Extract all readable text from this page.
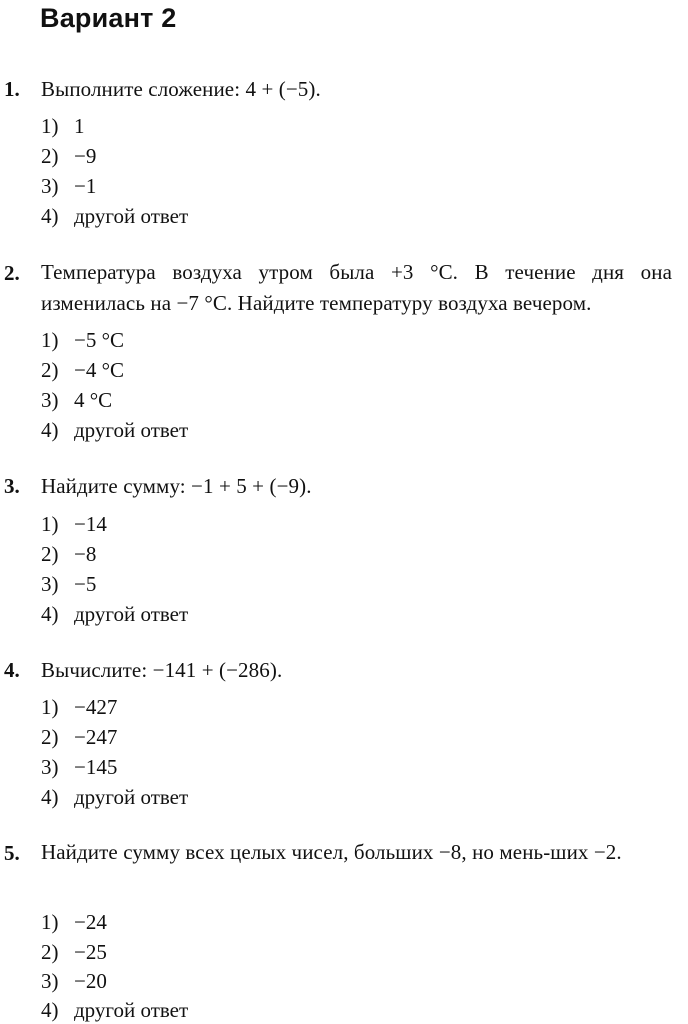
Вариант 2
1. Выполните сложение: 4 + (−5).
1) 1
2) −9
3) −1
4) другой ответ
2. Температура воздуха утром была +3 °С. В течение дня она изменилась на −7 °С. Найдите температуру воздуха вечером.
1) −5 °С
2) −4 °С
3) 4 °С
4) другой ответ
3. Найдите сумму: −1 + 5 + (−9).
1) −14
2) −8
3) −5
4) другой ответ
4. Вычислите: −141 + (−286).
1) −427
2) −247
3) −145
4) другой ответ
5. Найдите сумму всех целых чисел, больших −8, но мень-ших −2.
1) −24
2) −25
3) −20
4) другой ответ
